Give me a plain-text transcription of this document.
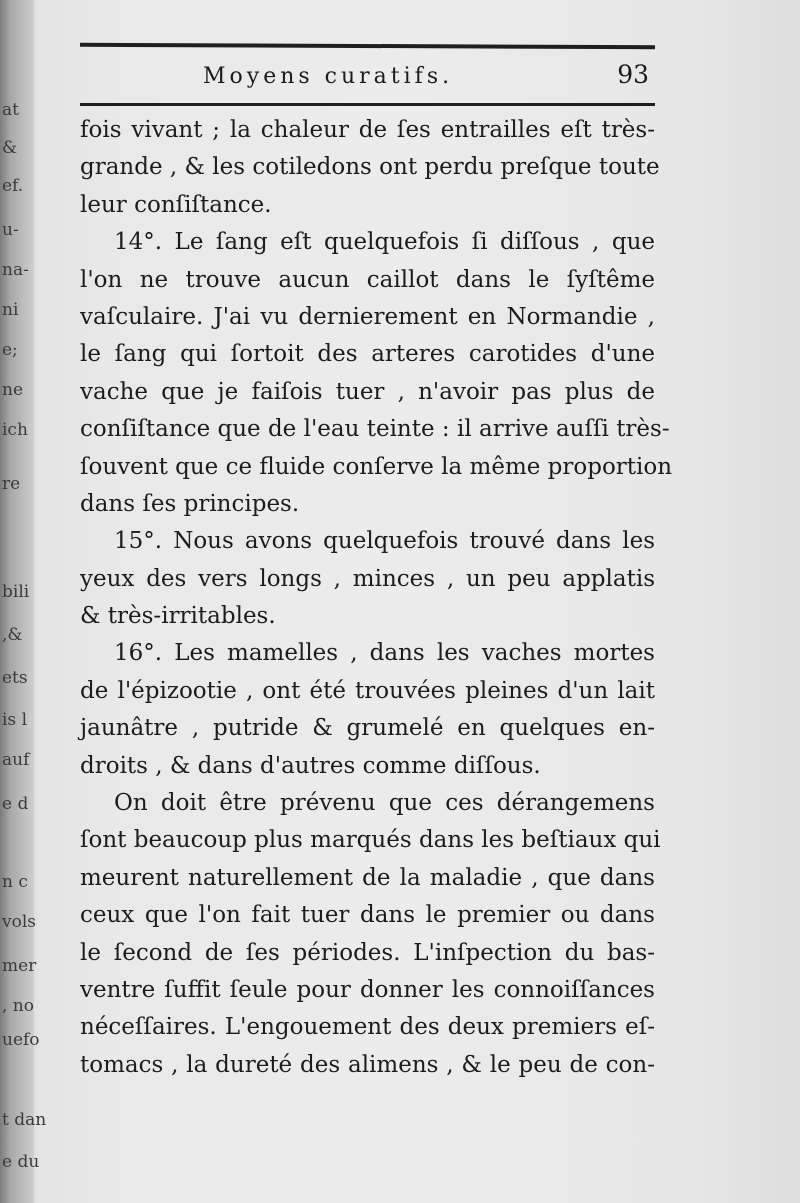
at
&
ef.
u-
na-
ni
e;
ne
ich
re
bili
,&
ets
is l
auf
e d
n c
vols
mer
, no
uefo
t dan
e du
Moyens curatifs.	93
fois vivant ; la chaleur de ſes entrailles eſt très-
grande , & les cotiledons ont perdu preſque toute
leur conſiſtance.
14°. Le ſang eſt quelquefois ſi diſſous , que
l'on ne trouve aucun caillot dans le ſyſtême
vaſculaire. J'ai vu dernierement en Normandie ,
le ſang qui ſortoit des arteres carotides d'une
vache que je faiſois tuer , n'avoir pas plus de
conſiſtance que de l'eau teinte : il arrive auſſi très-
ſouvent que ce fluide conſerve la même proportion
dans ſes principes.
15°. Nous avons quelquefois trouvé dans les
yeux des vers longs , minces , un peu applatis
& très-irritables.
16°. Les mamelles , dans les vaches mortes
de l'épizootie , ont été trouvées pleines d'un lait
jaunâtre , putride & grumelé en quelques en-
droits , & dans d'autres comme diſſous.
On doit être prévenu que ces dérangemens
ſont beaucoup plus marqués dans les beſtiaux qui
meurent naturellement de la maladie , que dans
ceux que l'on fait tuer dans le premier ou dans
le ſecond de ſes périodes. L'inſpection du bas-
ventre ſuffit ſeule pour donner les connoiſſances
néceſſaires. L'engouement des deux premiers eſ-
tomacs , la dureté des alimens , & le peu de con-
